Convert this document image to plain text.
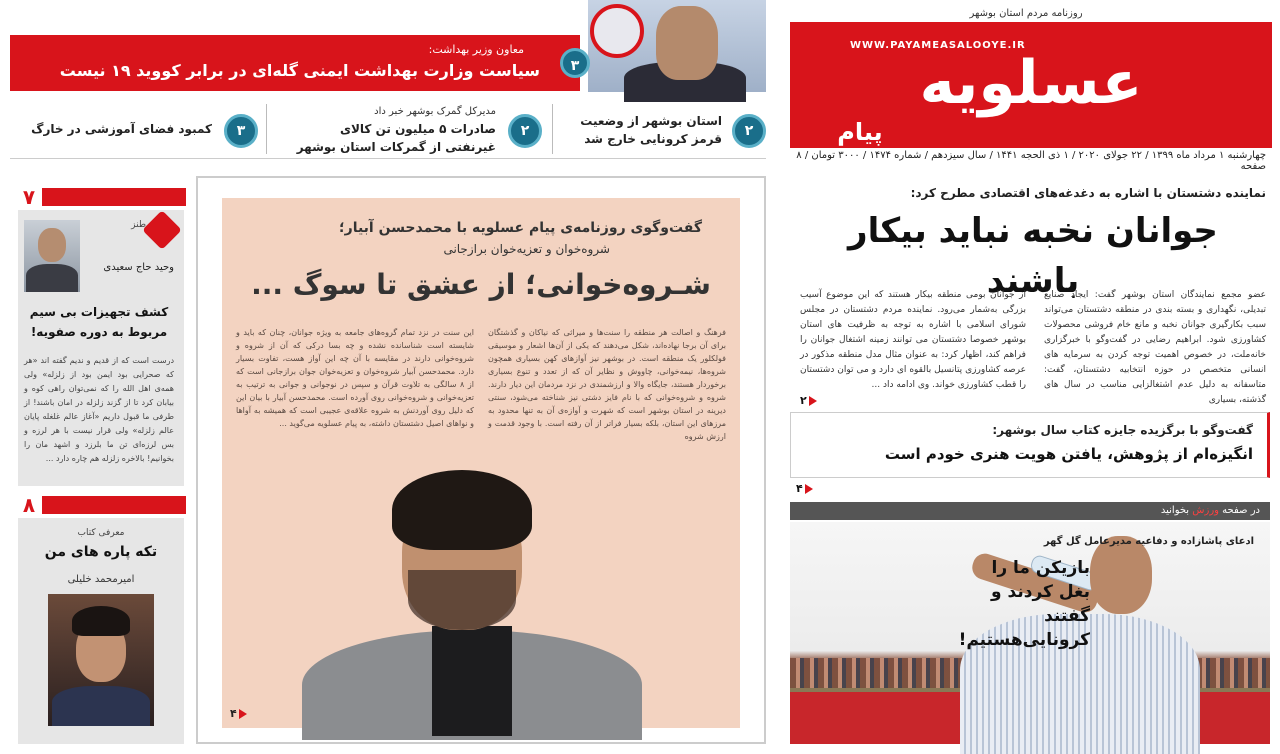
روزنامه مردم استان بوشهر
WWW.PAYAMEASALOOYE.IR
عسلویه
پیام
چهارشنبه ۱ مرداد ماه ۱۳۹۹ / ۲۲ جولای ۲۰۲۰ / ۱ ذی الحجه ۱۴۴۱ / سال سیزدهم / شماره ۱۴۷۴ / ۳۰۰۰ تومان / ۸ صفحه
۳
معاون وزیر بهداشت:
سیاست وزارت بهداشت ایمنی گله‌ای در برابر کووید ۱۹ نیست
۲
استان بوشهر از وضعیت قرمز کرونایی خارج شد
۲
مدیرکل گمرک بوشهر خبر داد
صادرات ۵ میلیون تن کالای غیرنفتی از گمرکات استان بوشهر
۳
کمبود فضای آموزشی در خارگ
نماینده دشتستان با اشاره به دغدغه‌های اقتصادی مطرح کرد:
جوانان نخبه نباید بیکار باشند
عضو مجمع نمایندگان استان بوشهر گفت: ایجاد صنایع تبدیلی، نگهداری و بسته بندی در منطقه دشتستان می‌تواند سبب بکارگیری جوانان نخبه و مانع خام فروشی محصولات کشاورزی شود. ابراهیم رضایی در گفت‌وگو با خبرگزاری خانه‌ملت، در خصوص اهمیت توجه کردن به سرمایه های انسانی متخصص در حوزه انتخابیه دشتستان، گفت: متاسفانه به دلیل عدم اشتغالزایی مناسب در سال های گذشته، بسیاری
از جوانان بومی منطقه بیکار هستند که این موضوع آسیب بزرگی به‌شمار می‌رود. نماینده مردم دشتستان در مجلس شورای اسلامی با اشاره به توجه به ظرفیت های استان بوشهر خصوصا دشتستان می توانند زمینه اشتغال جوانان را فراهم کند، اظهار کرد: به عنوان مثال مدل منطقه مذکور در عرصه کشاورزی پتانسیل بالقوه ای دارد و می توان دشتستان را قطب کشاورزی خواند. وی ادامه داد ...
۲
گفت‌وگو با برگزیده جایزه کتاب سال بوشهر:
انگیزه‌ام از پژوهش، یافتن هویت هنری خودم است
۴
در صفحه ورزش بخوانید
ادعای پاشازاده و دفاعیه مدیرعامل گل گهر
بازیکن ما را بغل کردند و گفتند کرونایی‌هستیم!
گفت‌وگوی روزنامه‌ی پیام عسلویه با محمدحسن آبیار؛
شروه‌خوان و تعزیه‌خوان برازجانی
شـروه‌خوانی؛ از عشق تا سوگ ...
فرهنگ و اصالت هر منطقه را سنت‌ها و میراثی که نیاکان و گذشتگان برای آن برجا نهاده‌اند، شکل می‌دهند که یکی از آن‌ها اشعار و موسیقی فولکلور یک منطقه است. در بوشهر نیز آوازهای کهن بسیاری همچون شروه‌ها، نیمه‌خوانی، چاووش و نظایر آن که از تعدد و تنوع بسیاری برخوردار هستند، جایگاه والا و ارزشمندی در نزد مردمان این دیار دارند. شروه و شروه‌خوانی که با نام فایز دشتی نیز شناخته می‌شود، سنتی دیرینه در استان بوشهر است که شهرت و آوازه‌ی آن به تنها محدود به مرزهای این استان، بلکه بسیار فراتر از آن رفته است. با وجود قدمت و ارزش شروه
این سنت در نزد تمام گروه‌های جامعه به ویژه جوانان، چنان که باید و شایسته است شناسانده نشده و چه بسا درکی که آن از شروه و شروه‌خوانی دارند در مقایسه با آن چه این آواز هست، تفاوت بسیار دارد. محمدحسن آبیار شروه‌خوان و تعزیه‌خوان جوان برازجانی است که از ۸ سالگی به تلاوت قرآن و سپس در نوجوانی و جوانی به ترتیب به تعزیه‌خوانی و شروه‌خوانی روی آورده است. محمدحسن آبیار با بیان این که دلیل روی آوردنش به شروه علاقه‌ی عجیبی است که همیشه به آواها و نواهای اصیل دشتستان داشته، به پیام عسلویه می‌گوید ...
۴
۷
طنز
وحید حاج سعیدی
کشف تجهیزات بی سیم مربوط به دوره صفویه!
درست است که از قدیم و ندیم گفته اند «هر که صحرایی بود ایمن بود از زلزله» ولی همه‌ی اهل الله را که نمی‌توان راهی کوه و بیابان کرد تا از گزند زلزله در امان باشند! از طرفی ما قبول داریم «آغاز عالم غلغله پایان عالم زلزله» ولی قرار نیست با هر لرزه و بس لرزه‌ای تن ما بلرزد و اشهد مان را بخوانیم! بالاخره زلزله هم چاره دارد ...
۸
معرفی کتاب
تکه پاره های من
امیرمحمد خلیلی
